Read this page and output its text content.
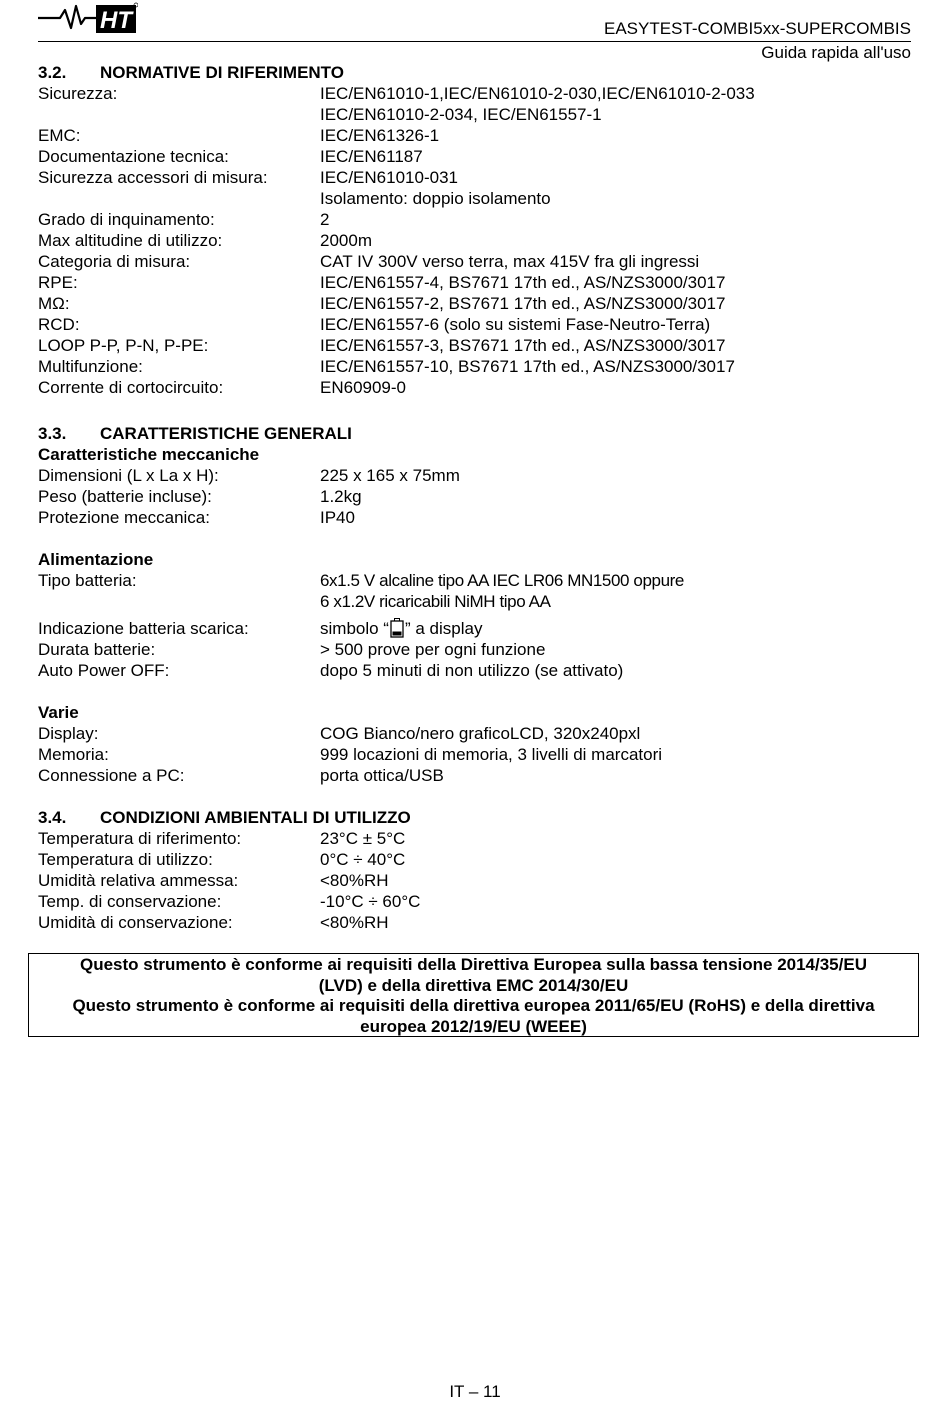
HT	EASYTEST-COMBI5xx-SUPERCOMBIS
Guida rapida all'uso
3.2.	NORMATIVE DI RIFERIMENTO
Sicurezza:	IEC/EN61010-1,IEC/EN61010-2-030,IEC/EN61010-2-033
IEC/EN61010-2-034, IEC/EN61557-1
EMC:	IEC/EN61326-1
Documentazione tecnica:	IEC/EN61187
Sicurezza accessori di misura:	IEC/EN61010-031
Isolamento: doppio isolamento
Grado di inquinamento:	2
Max altitudine di utilizzo:	2000m
Categoria di misura:	CAT IV 300V verso terra, max 415V fra gli ingressi
RPE:	IEC/EN61557-4, BS7671 17th ed., AS/NZS3000/3017
MΩ:	IEC/EN61557-2, BS7671 17th ed., AS/NZS3000/3017
RCD:	IEC/EN61557-6 (solo su sistemi Fase-Neutro-Terra)
LOOP P-P, P-N, P-PE:	IEC/EN61557-3, BS7671 17th ed., AS/NZS3000/3017
Multifunzione:	IEC/EN61557-10, BS7671 17th ed., AS/NZS3000/3017
Corrente di cortocircuito:	EN60909-0
3.3.	CARATTERISTICHE GENERALI
Caratteristiche meccaniche
Dimensioni (L x La x H):	225 x 165 x 75mm
Peso (batterie incluse):	1.2kg
Protezione meccanica:	IP40
Alimentazione
Tipo batteria:	6x1.5 V alcaline tipo AA IEC LR06 MN1500 oppure
6 x1.2V ricaricabili NiMH tipo AA
Indicazione batteria scarica:	simbolo “ ” a display
Durata batterie:	> 500 prove per ogni funzione
Auto Power OFF:	dopo 5 minuti di non utilizzo (se attivato)
Varie
Display:	COG Bianco/nero graficoLCD, 320x240pxl
Memoria:	999 locazioni di memoria, 3 livelli di marcatori
Connessione a PC:	porta ottica/USB
3.4.	CONDIZIONI AMBIENTALI DI UTILIZZO
Temperatura di riferimento:	23°C ± 5°C
Temperatura di utilizzo:	0°C ÷ 40°C
Umidità relativa ammessa:	<80%RH
Temp. di conservazione:	-10°C ÷ 60°C
Umidità di conservazione:	<80%RH
Questo strumento è conforme ai requisiti della Direttiva Europea sulla bassa tensione 2014/35/EU
(LVD) e della direttiva EMC 2014/30/EU
Questo strumento è conforme ai requisiti della direttiva europea 2011/65/EU (RoHS) e della direttiva
europea 2012/19/EU (WEEE)
IT – 11
